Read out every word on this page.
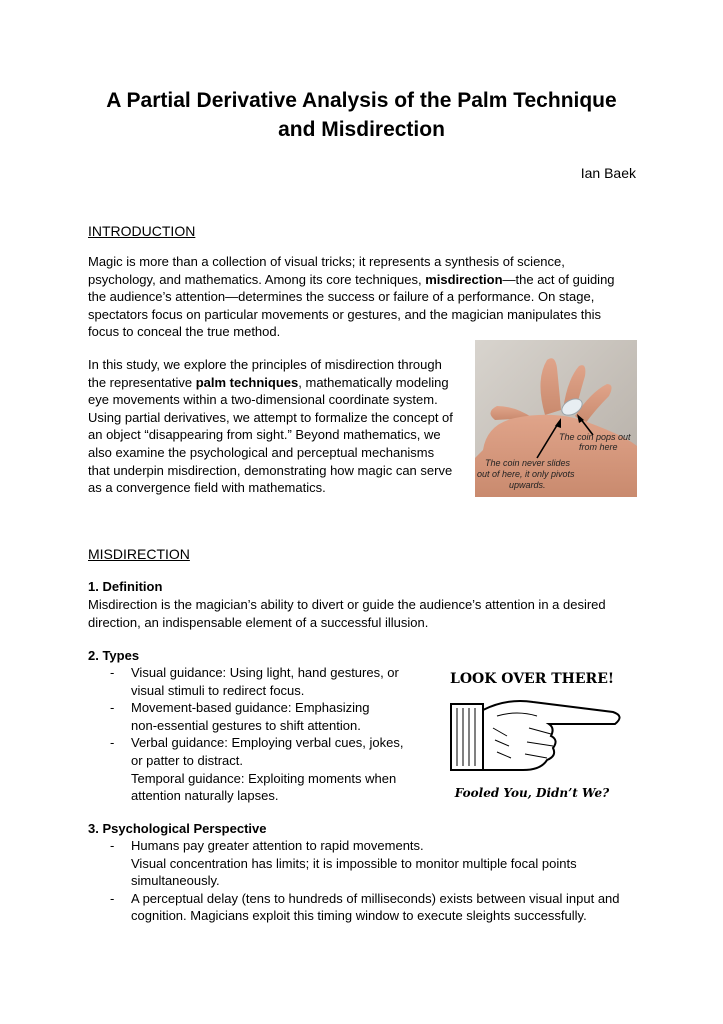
A Partial Derivative Analysis of the Palm Technique
and Misdirection
Ian Baek
INTRODUCTION

Magic is more than a collection of visual tricks; it represents a synthesis of science,
psychology, and mathematics. Among its core techniques, misdirection—the act of guiding
the audience’s attention—determines the success or failure of a performance. On stage,
spectators focus on particular movements or gestures, and the magician manipulates this
focus to conceal the true method.

In this study, we explore the principles of misdirection through
the representative palm techniques, mathematically modeling
eye movements within a two-dimensional coordinate system.
Using partial derivatives, we attempt to formalize the concept of
an object “disappearing from sight.” Beyond mathematics, we
also examine the psychological and perceptual mechanisms
that underpin misdirection, demonstrating how magic can serve
as a convergence field with mathematics.

The coin pops out
from here
The coin never slides
out of here, it only pivots
upwards.
MISDIRECTION
1. Definition

Misdirection is the magician’s ability to divert or guide the audience’s attention in a desired
direction, an indispensable element of a successful illusion.

2. Types
- Visual guidance: Using light, hand gestures, or
visual stimuli to redirect focus.
- Movement-based guidance: Emphasizing
non-essential gestures to shift attention.
- Verbal guidance: Employing verbal cues, jokes,
or patter to distract.
Temporal guidance: Exploiting moments when
attention naturally lapses.
LOOK OVER THERE!
Fooled You, Didn’t We?
3. Psychological Perspective
- Humans pay greater attention to rapid movements.
Visual concentration has limits; it is impossible to monitor multiple focal points
simultaneously.
- A perceptual delay (tens to hundreds of milliseconds) exists between visual input and
cognition. Magicians exploit this timing window to execute sleights successfully.
